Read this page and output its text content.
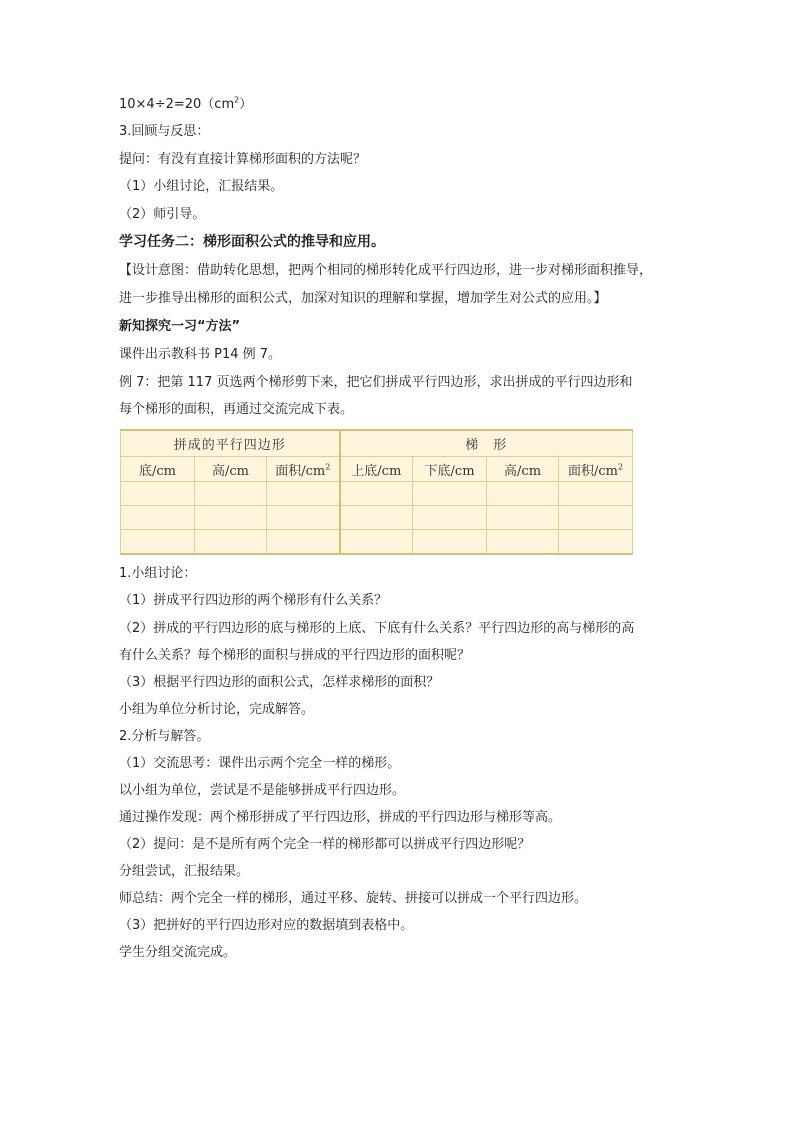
$10\times 4\div 2=20(cm^2)$
3.回顾与反思：
提问：有没有直接计算梯形面积的方法呢？
（1）小组讨论，汇报结果。
（2）师引导。
学习任务二：梯形面积公式的推导和应用。
【设计意图：借助转化思想，把两个相同的梯形转化成平行四边形，进一步对梯形面积推导，
进一步推导出梯形的面积公式，加深对知识的理解和掌握，增加学生对公式的应用。】
新知探究一习“方法”
课件出示教科书 P14 例 7。
例 7：把第 117 页选两个梯形剪下来，把它们拼成平行四边形，求出拼成的平行四边形和
每个梯形的面积，再通过交流完成下表。
拼成的平行四边形			梯　形			
底/cm	高/cm	面积$/cm^2$	上底/cm	下底/cm	高/cm	面积$/cm^2$

1.小组讨论：
（1）拼成平行四边形的两个梯形有什么关系？
（2）拼成的平行四边形的底与梯形的上底、下底有什么关系？平行四边形的高与梯形的高
有什么关系？每个梯形的面积与拼成的平行四边形的面积呢？
（3）根据平行四边形的面积公式，怎样求梯形的面积？
小组为单位分析讨论，完成解答。
2.分析与解答。
（1）交流思考：课件出示两个完全一样的梯形。
以小组为单位，尝试是不是能够拼成平行四边形。
通过操作发现：两个梯形拼成了平行四边形，拼成的平行四边形与梯形等高。
（2）提问：是不是所有两个完全一样的梯形都可以拼成平行四边形呢？
分组尝试，汇报结果。
师总结：两个完全一样的梯形，通过平移、旋转、拼接可以拼成一个平行四边形。
（3）把拼好的平行四边形对应的数据填到表格中。
学生分组交流完成。
